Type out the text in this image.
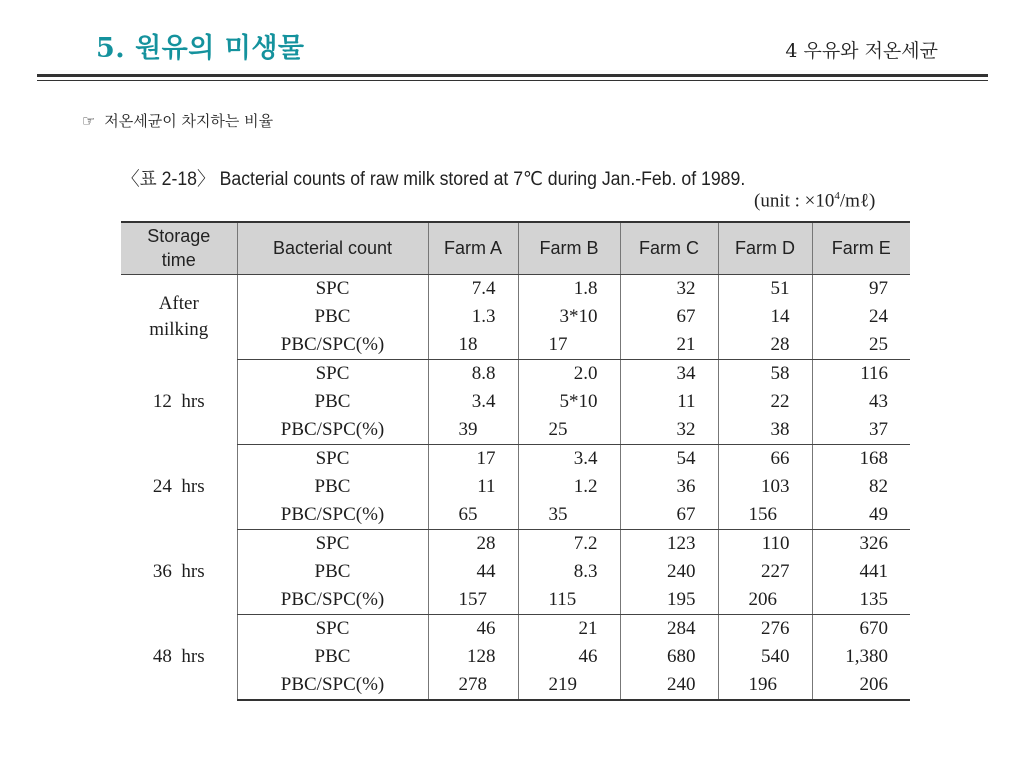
5. 원유의 미생물	4 우유와 저온세균
☞ 저온세균이 차지하는 비율
〈표 2-18〉 Bacterial counts of raw milk stored at 7℃ during Jan.-Feb. of 1989.
(unit : $\times 10^4/m\ell$)
Storage
time	Bacterial count	Farm A	Farm B	Farm C	Farm D	Farm E

After
milking	SPC	7.4	1.8	32	51	97
	PBC	1.3	3*10	67	14	24
	PBC/SPC(%)	18	17	21	28	25

12  hrs	SPC	8.8	2.0	34	58	116
	PBC	3.4	5*10	11	22	43
	PBC/SPC(%)	39	25	32	38	37

24  hrs	SPC	17	3.4	54	66	168
	PBC	11	1.2	36	103	82
	PBC/SPC(%)	65	35	67	156	49

36  hrs	SPC	28	7.2	123	110	326
	PBC	44	8.3	240	227	441
	PBC/SPC(%)	157	115	195	206	135

48  hrs	SPC	46	21	284	276	670
	PBC	128	46	680	540	1,380
	PBC/SPC(%)	278	219	240	196	206
